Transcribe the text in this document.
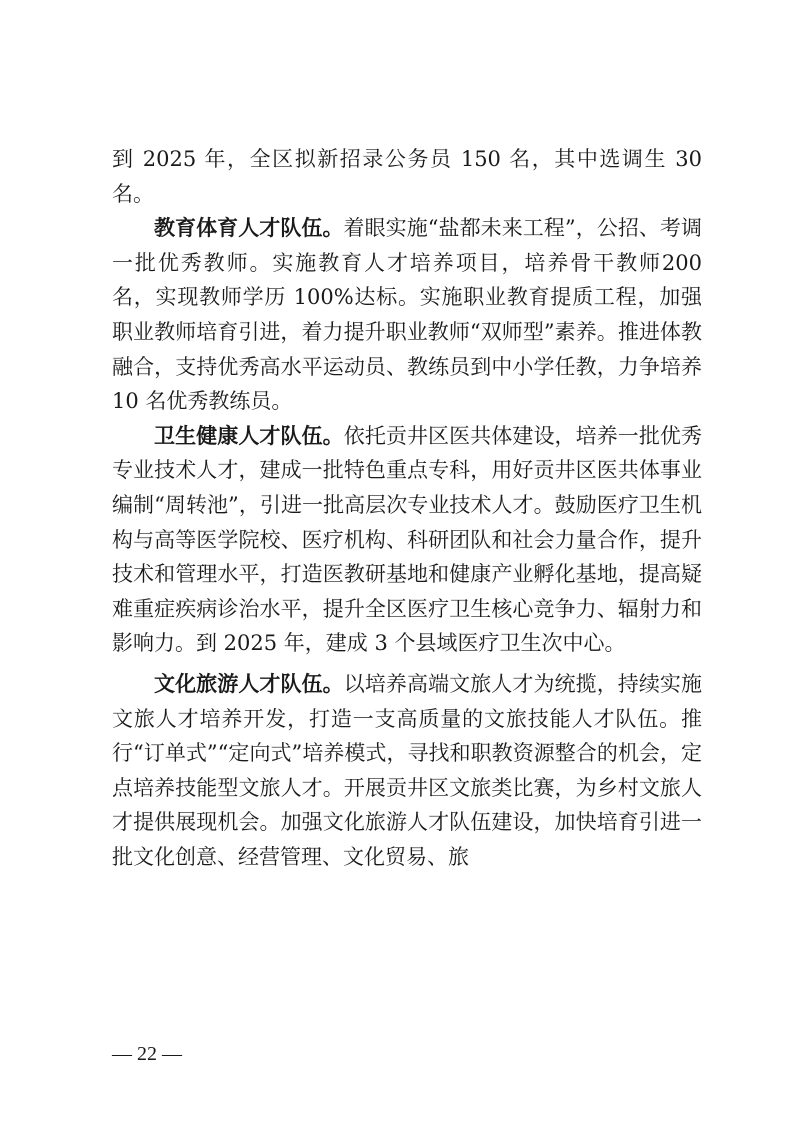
到 2025 年，全区拟新招录公务员 150 名，其中选调生 30 名。

教育体育人才队伍。着眼实施“盐都未来工程”，公招、考调一批优秀教师。实施教育人才培养项目，培养骨干教师200 名，实现教师学历 100%达标。实施职业教育提质工程，加强职业教师培育引进，着力提升职业教师“双师型”素养。推进体教融合，支持优秀高水平运动员、教练员到中小学任教，力争培养 10 名优秀教练员。

卫生健康人才队伍。依托贡井区医共体建设，培养一批优秀专业技术人才，建成一批特色重点专科，用好贡井区医共体事业编制“周转池”，引进一批高层次专业技术人才。鼓励医疗卫生机构与高等医学院校、医疗机构、科研团队和社会力量合作，提升技术和管理水平，打造医教研基地和健康产业孵化基地，提高疑难重症疾病诊治水平，提升全区医疗卫生核心竞争力、辐射力和影响力。到 2025 年，建成 3 个县域医疗卫生次中心。

文化旅游人才队伍。以培养高端文旅人才为统揽，持续实施文旅人才培养开发，打造一支高质量的文旅技能人才队伍。推行“订单式”“定向式”培养模式，寻找和职教资源整合的机会，定点培养技能型文旅人才。开展贡井区文旅类比赛，为乡村文旅人才提供展现机会。加强文化旅游人才队伍建设，加快培育引进一批文化创意、经营管理、文化贸易、旅

— 22 —
